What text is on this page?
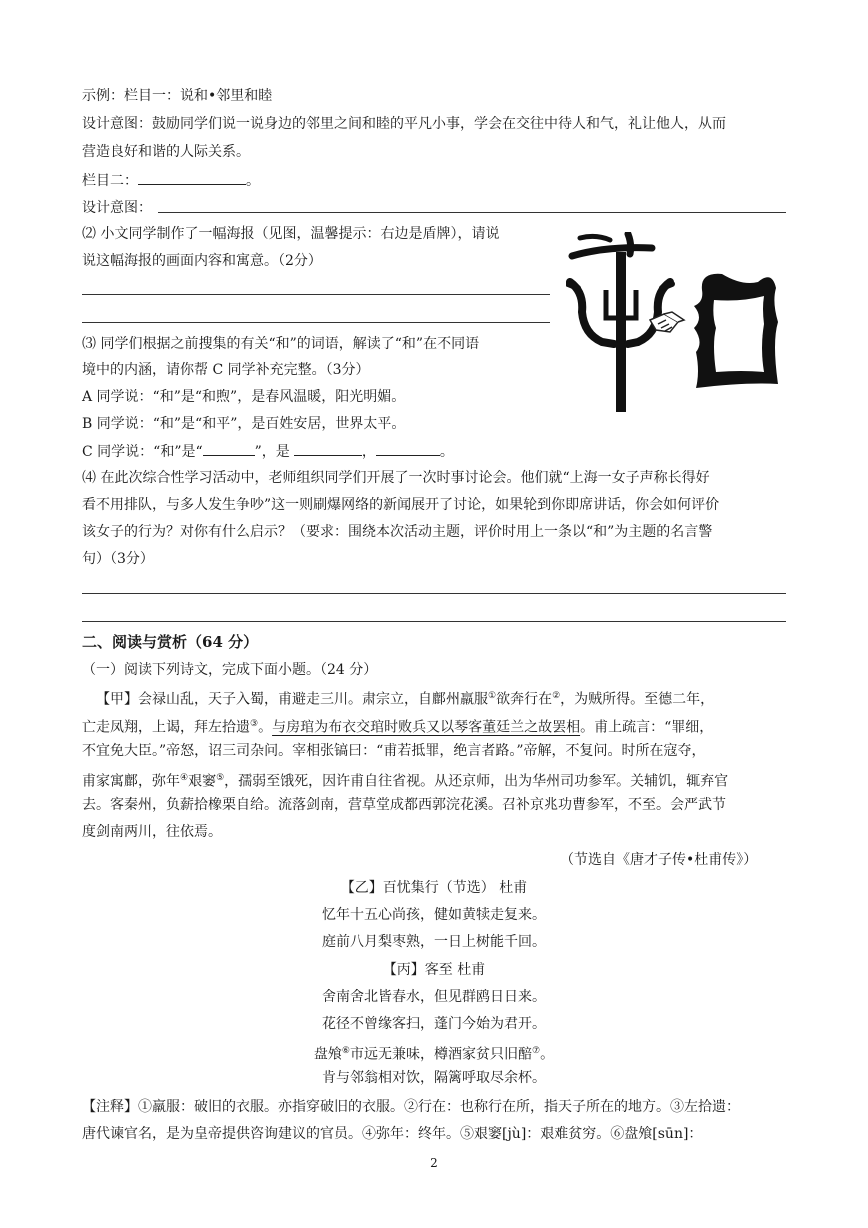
示例：栏目一：说和•邻里和睦
设计意图：鼓励同学们说一说身边的邻里之间和睦的平凡小事，学会在交往中待人和气，礼让他人，从而
营造良好和谐的人际关系。
栏目二：	。
设计意图：
⑵ 小文同学制作了一幅海报（见图，温馨提示：右边是盾牌），请说
说这幅海报的画面内容和寓意。（2分）
⑶ 同学们根据之前搜集的有关“和”的词语，解读了“和”在不同语
境中的内涵，请你帮 C 同学补充完整。（3分）
A 同学说：“和”是“和煦”，是春风温暖，阳光明媚。
B 同学说：“和”是“和平”，是百姓安居，世界太平。
C 同学说：“和”是“	”，是	，	。
⑷ 在此次综合性学习活动中，老师组织同学们开展了一次时事讨论会。他们就“上海一女子声称长得好
看不用排队，与多人发生争吵”这一则刷爆网络的新闻展开了讨论，如果轮到你即席讲话，你会如何评价
该女子的行为？对你有什么启示？（要求：围绕本次活动主题，评价时用上一条以“和”为主题的名言警
句）（3分）
二、阅读与赏析（64 分）
（一）阅读下列诗文，完成下面小题。（24 分）
【甲】会禄山乱，天子入蜀，甫避走三川。肃宗立，自鄜州羸服①欲奔行在②，为贼所得。至德二年，
亡走凤翔，上谒，拜左拾遗③。与房琯为布衣交琯时败兵又以琴客董廷兰之故罢相。甫上疏言：“罪细，
不宜免大臣。”帝怒，诏三司杂问。宰相张镐曰：“甫若抵罪，绝言者路。”帝解，不复问。时所在寇夺，
甫家寓鄜，弥年④艰窭⑤，孺弱至饿死，因许甫自往省视。从还京师，出为华州司功参军。关辅饥，辄弃官
去。客秦州，负薪拾橡栗自给。流落剑南，营草堂成都西郭浣花溪。召补京兆功曹参军，不至。会严武节
度剑南两川，往依焉。
（节选自《唐才子传•杜甫传》）
【乙】百忧集行（节选） 杜甫
忆年十五心尚孩，健如黄犊走复来。
庭前八月梨枣熟，一日上树能千回。
【丙】客至 杜甫
舍南舍北皆春水，但见群鸥日日来。
花径不曾缘客扫，蓬门今始为君开。
盘飧⑥市远无兼味，樽酒家贫只旧醅⑦。
肯与邻翁相对饮，隔篱呼取尽余杯。
【注释】①羸服：破旧的衣服。亦指穿破旧的衣服。②行在：也称行在所，指天子所在的地方。③左拾遗：
唐代谏官名，是为皇帝提供咨询建议的官员。④弥年：终年。⑤艰窭[jù]：艰难贫穷。⑥盘飧[sūn]：
2
